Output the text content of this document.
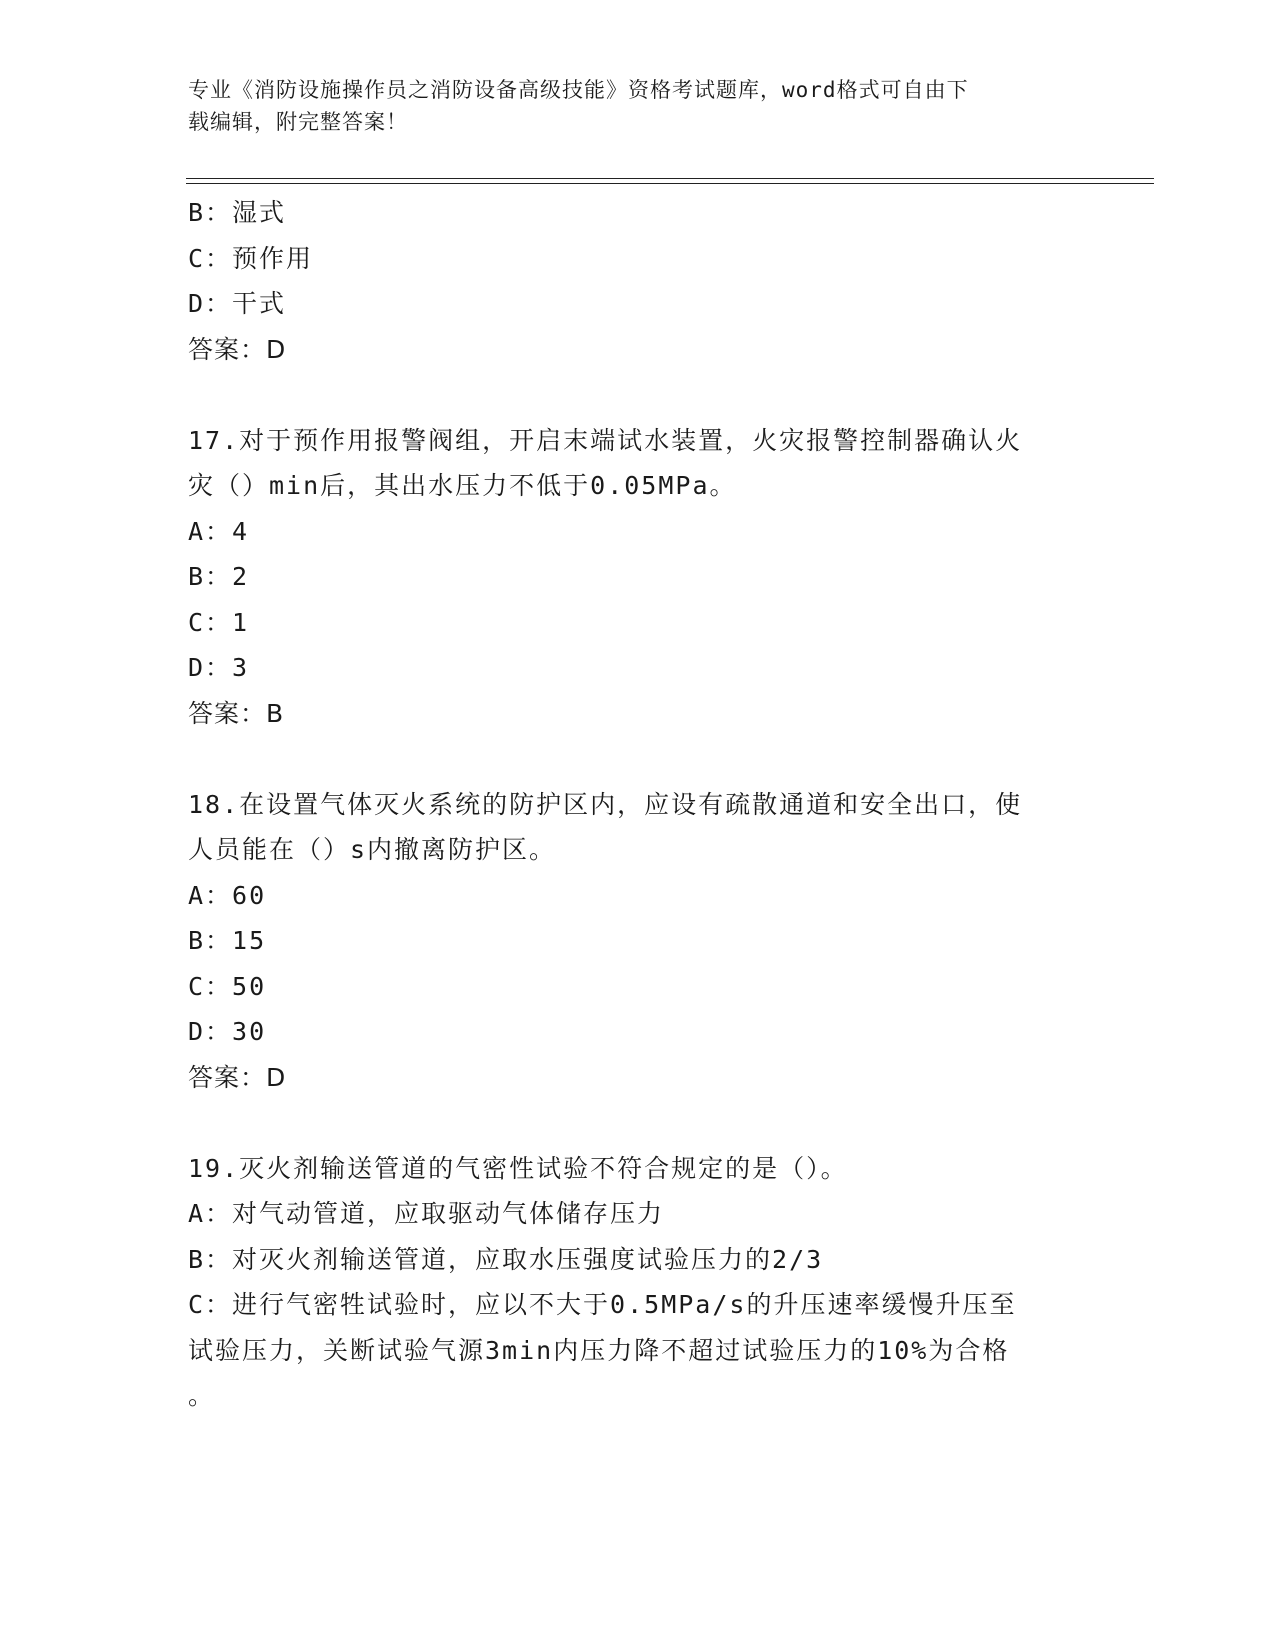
专业《消防设施操作员之消防设备高级技能》资格考试题库，word格式可自由下
载编辑，附完整答案！
B：湿式
C：预作用
D：干式
答案：D
17.对于预作用报警阀组，开启末端试水装置，火灾报警控制器确认火
灾（）min后，其出水压力不低于0.05MPa。
A：4
B：2
C：1
D：3
答案：B
18.在设置气体灭火系统的防护区内，应设有疏散通道和安全出口，使
人员能在（）s内撤离防护区。
A：60
B：15
C：50
D：30
答案：D
19.灭火剂输送管道的气密性试验不符合规定的是（）。
A：对气动管道，应取驱动气体储存压力
B：对灭火剂输送管道，应取水压强度试验压力的2/3
C：进行气密牲试验时，应以不大于0.5MPa/s的升压速率缓慢升压至
试验压力，关断试验气源3min内压力降不超过试验压力的10%为合格
。
